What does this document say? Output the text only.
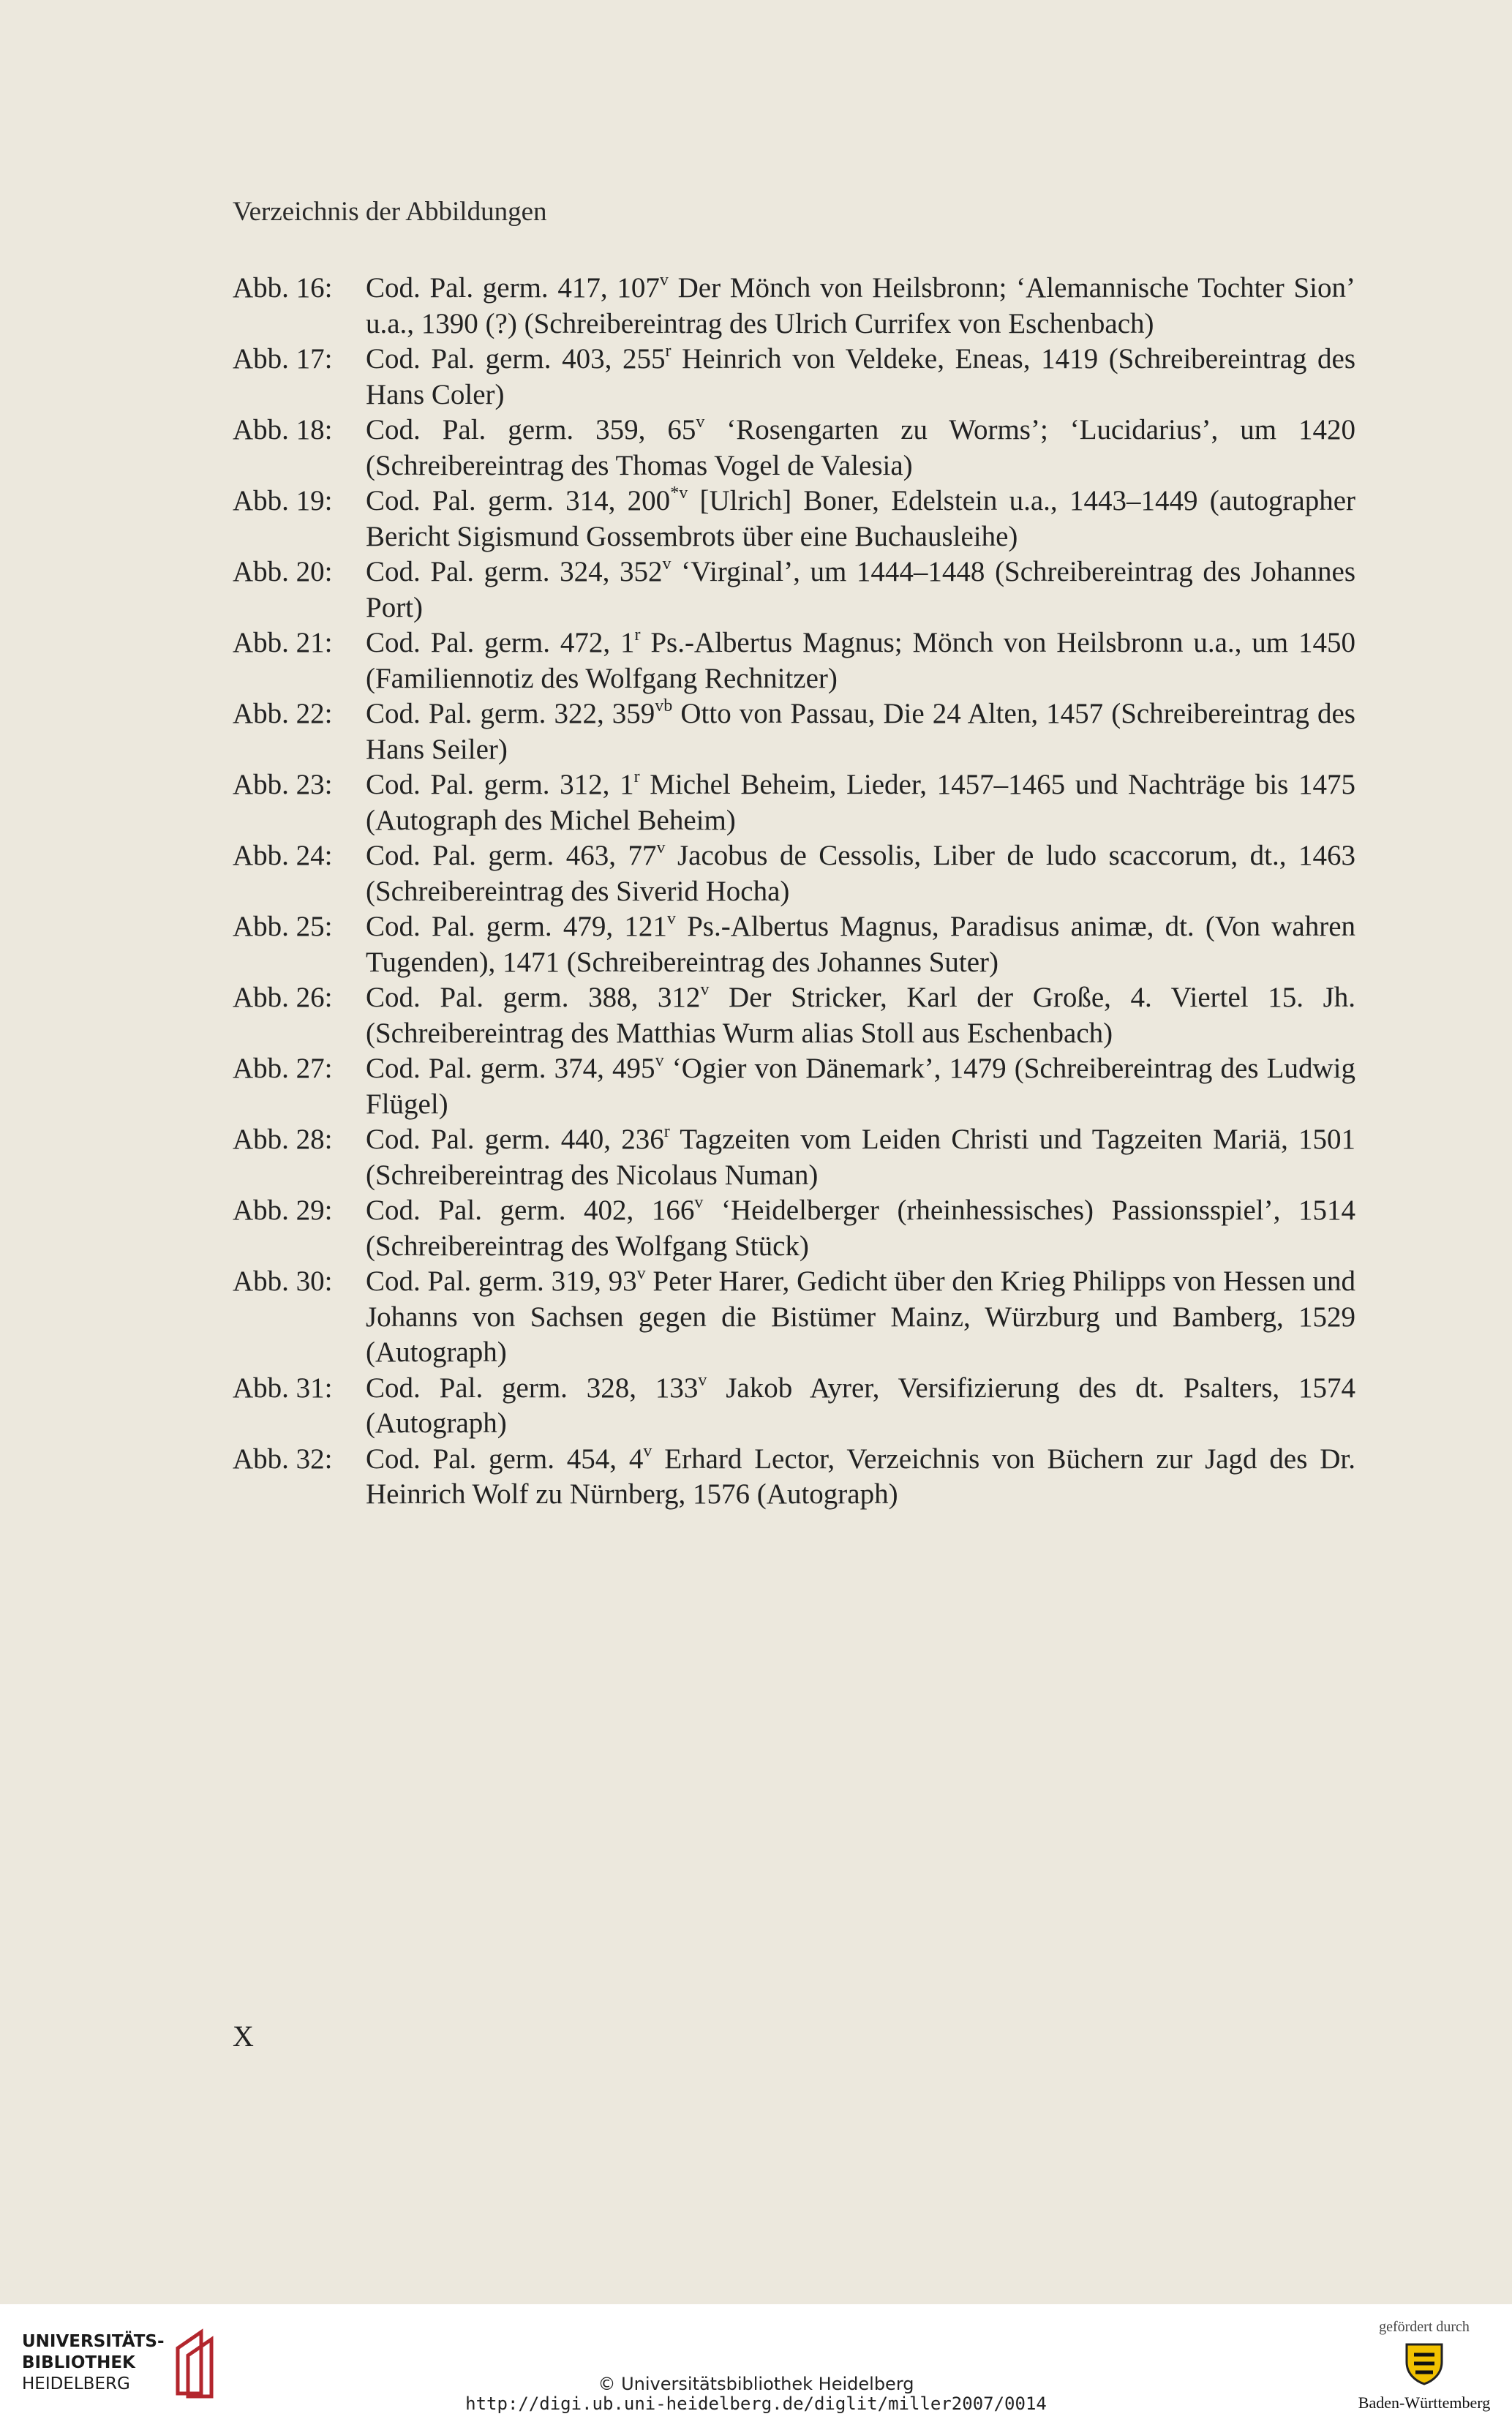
Verzeichnis der Abbildungen
Abb. 16:	Cod. Pal. germ. 417, 107$^v$ Der Mönch von Heilsbronn; ‘Alemannische Tochter Sion’ u.a., 1390 (?) (Schreibereintrag des Ulrich Currifex von Eschenbach)
Abb. 17:	Cod. Pal. germ. 403, 255$^r$ Heinrich von Veldeke, Eneas, 1419 (Schreibereintrag des Hans Coler)
Abb. 18:	Cod. Pal. germ. 359, 65$^v$ ‘Rosengarten zu Worms’; ‘Lucidarius’, um 1420 (Schreibereintrag des Thomas Vogel de Valesia)
Abb. 19:	Cod. Pal. germ. 314, 200$^{*v}$ [Ulrich] Boner, Edelstein u.a., 1443–1449 (autographer Bericht Sigismund Gossembrots über eine Buchausleihe)
Abb. 20:	Cod. Pal. germ. 324, 352$^v$ ‘Virginal’, um 1444–1448 (Schreibereintrag des Johannes Port)
Abb. 21:	Cod. Pal. germ. 472, 1$^r$ Ps.-Albertus Magnus; Mönch von Heilsbronn u.a., um 1450 (Familiennotiz des Wolfgang Rechnitzer)
Abb. 22:	Cod. Pal. germ. 322, $359^{vb}$ Otto von Passau, Die 24 Alten, 1457 (Schreibereintrag des Hans Seiler)
Abb. 23:	Cod. Pal. germ. 312, 1$^r$ Michel Beheim, Lieder, 1457–1465 und Nachträge bis 1475 (Autograph des Michel Beheim)
Abb. 24:	Cod. Pal. germ. 463, 77$^v$ Jacobus de Cessolis, Liber de ludo scaccorum, dt., 1463 (Schreibereintrag des Siverid Hocha)
Abb. 25:	Cod. Pal. germ. 479, 121$^v$ Ps.-Albertus Magnus, Paradisus animæ, dt. (Von wahren Tugenden), 1471 (Schreibereintrag des Johannes Suter)
Abb. 26:	Cod. Pal. germ. 388, 312$^v$ Der Stricker, Karl der Große, 4. Viertel 15. Jh. (Schreibereintrag des Matthias Wurm alias Stoll aus Eschenbach)
Abb. 27:	Cod. Pal. germ. 374, 495$^v$ ‘Ogier von Dänemark’, 1479 (Schreibereintrag des Ludwig Flügel)
Abb. 28:	Cod. Pal. germ. 440, 236$^r$ Tagzeiten vom Leiden Christi und Tagzeiten Mariä, 1501 (Schreibereintrag des Nicolaus Numan)
Abb. 29:	Cod. Pal. germ. 402, 166$^v$ ‘Heidelberger (rheinhessisches) Passionsspiel’, 1514 (Schreibereintrag des Wolfgang Stück)
Abb. 30:	Cod. Pal. germ. 319, 93$^v$ Peter Harer, Gedicht über den Krieg Philipps von Hessen und Johanns von Sachsen gegen die Bistümer Mainz, Würzburg und Bamberg, 1529 (Autograph)
Abb. 31:	Cod. Pal. germ. 328, 133$^v$ Jakob Ayrer, Versifizierung des dt. Psalters, 1574 (Autograph)
Abb. 32:	Cod. Pal. germ. 454, 4$^v$ Erhard Lector, Verzeichnis von Büchern zur Jagd des Dr. Heinrich Wolf zu Nürnberg, 1576 (Autograph)
X
UNIVERSITÄTS-
BIBLIOTHEK
HEIDELBERG	© Universitätsbibliothek Heidelberg
http://digi.ub.uni-heidelberg.de/diglit/miller2007/0014
gefördert durch
Baden-Württemberg
